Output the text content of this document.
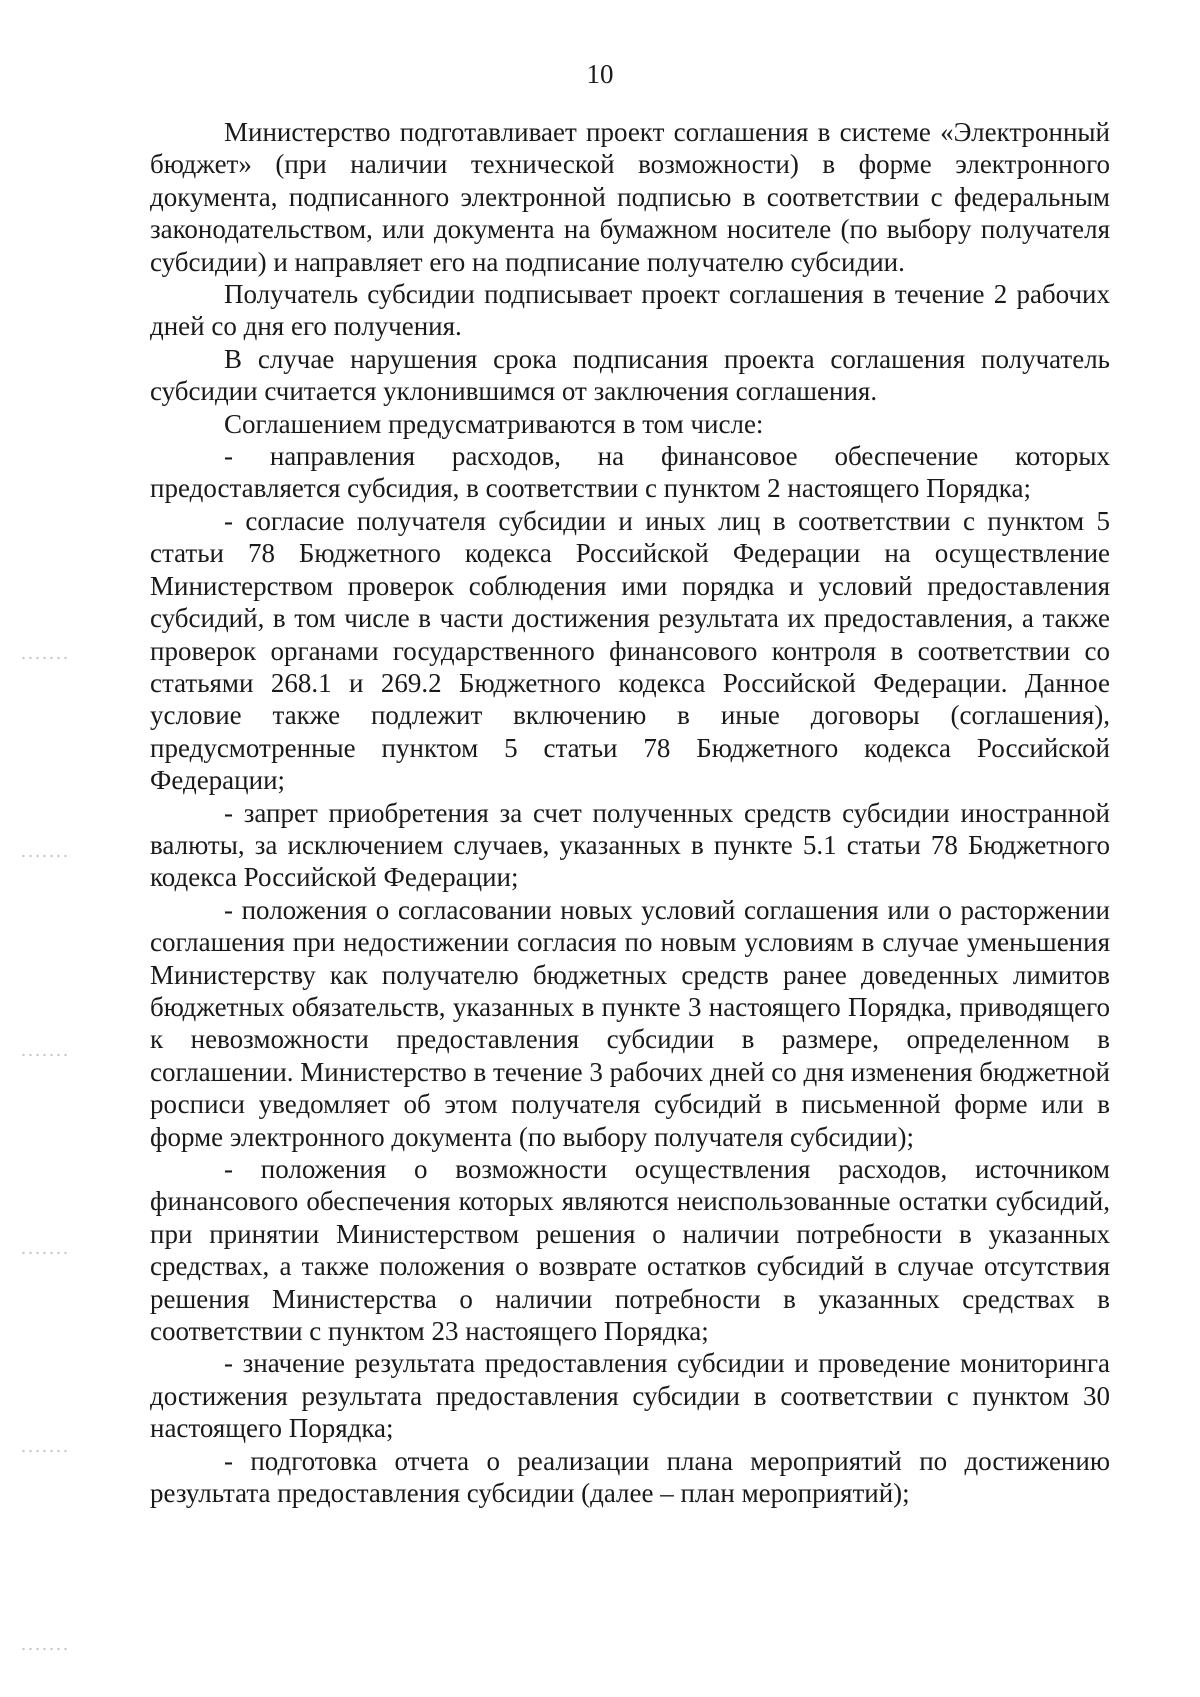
10

Министерство подготавливает проект соглашения в системе «Электронный бюджет» (при наличии технической возможности) в форме электронного документа, подписанного электронной подписью в соответствии с федеральным законодательством, или документа на бумажном носителе (по выбору получателя субсидии) и направляет его на подписание получателю субсидии.

Получатель субсидии подписывает проект соглашения в течение 2 рабочих дней со дня его получения.

В случае нарушения срока подписания проекта соглашения получатель субсидии считается уклонившимся от заключения соглашения.

Соглашением предусматриваются в том числе:

- направления расходов, на финансовое обеспечение которых предоставляется субсидия, в соответствии с пунктом 2 настоящего Порядка;

- согласие получателя субсидии и иных лиц в соответствии с пунктом 5 статьи 78 Бюджетного кодекса Российской Федерации на осуществление Министерством проверок соблюдения ими порядка и условий предоставления субсидий, в том числе в части достижения результата их предоставления, а также проверок органами государственного финансового контроля в соответствии со статьями 268.1 и 269.2 Бюджетного кодекса Российской Федерации. Данное условие также подлежит включению в иные договоры (соглашения), предусмотренные пунктом 5 статьи 78 Бюджетного кодекса Российской Федерации;

- запрет приобретения за счет полученных средств субсидии иностранной валюты, за исключением случаев, указанных в пункте 5.1 статьи 78 Бюджетного кодекса Российской Федерации;

- положения о согласовании новых условий соглашения или о расторжении соглашения при недостижении согласия по новым условиям в случае уменьшения Министерству как получателю бюджетных средств ранее доведенных лимитов бюджетных обязательств, указанных в пункте 3 настоящего Порядка, приводящего к невозможности предоставления субсидии в размере, определенном в соглашении. Министерство в течение 3 рабочих дней со дня изменения бюджетной росписи уведомляет об этом получателя субсидий в письменной форме или в форме электронного документа (по выбору получателя субсидии);

- положения о возможности осуществления расходов, источником финансового обеспечения которых являются неиспользованные остатки субсидий, при принятии Министерством решения о наличии потребности в указанных средствах, а также положения о возврате остатков субсидий в случае отсутствия решения Министерства о наличии потребности в указанных средствах в соответствии с пунктом 23 настоящего Порядка;

- значение результата предоставления субсидии и проведение мониторинга достижения результата предоставления субсидии в соответствии с пунктом 30 настоящего Порядка;

- подготовка отчета о реализации плана мероприятий по достижению результата предоставления субсидии (далее – план мероприятий);
